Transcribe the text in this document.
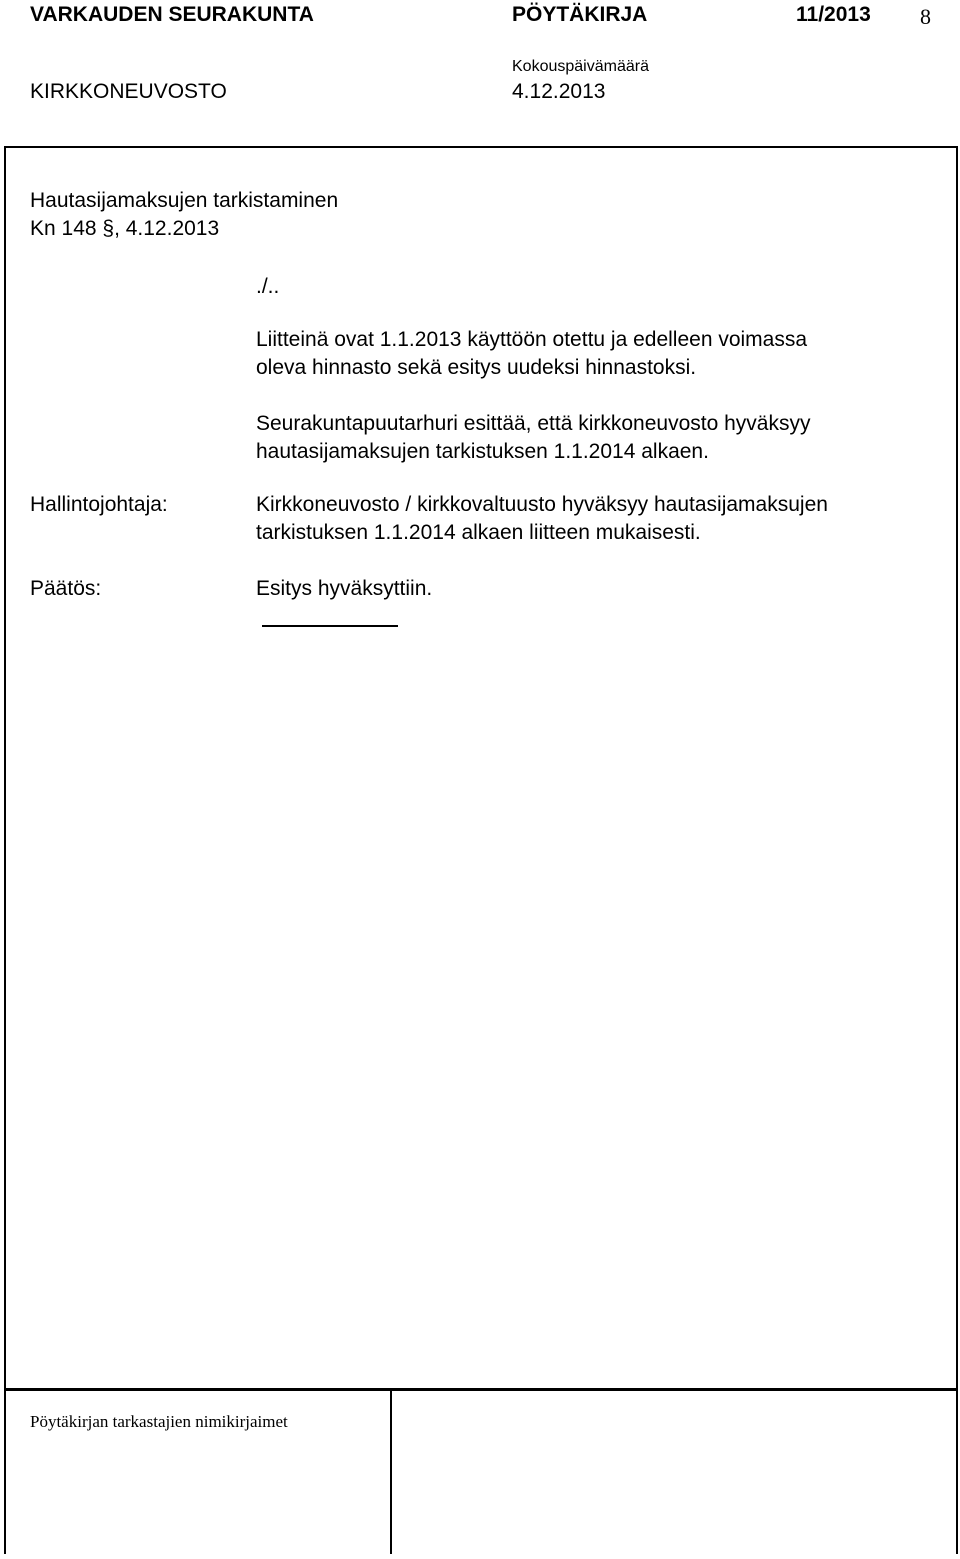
VARKAUDEN SEURAKUNTA	PÖYTÄKIRJA	11/2013 8
KIRKKONEUVOSTO
Kokouspäivämäärä
4.12.2013
Pöytäkirjan tarkastajien nimikirjaimet
Hautasijamaksujen tarkistaminen
Kn 148 §, 4.12.2013
./..
Liitteinä ovat 1.1.2013 käyttöön otettu ja edelleen voimassa
oleva hinnasto sekä esitys uudeksi hinnastoksi.
Seurakuntapuutarhuri esittää, että kirkkoneuvosto hyväksyy
hautasijamaksujen tarkistuksen 1.1.2014 alkaen.
Hallintojohtaja:	Kirkkoneuvosto / kirkkovaltuusto hyväksyy hautasijamaksujen
tarkistuksen 1.1.2014 alkaen liitteen mukaisesti.
Päätös:	Esitys hyväksyttiin.
